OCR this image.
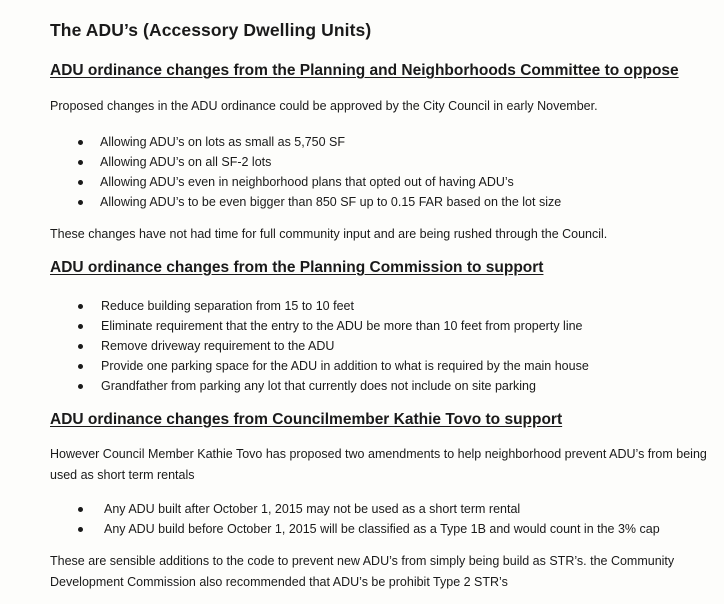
The ADU’s (Accessory Dwelling Units)
ADU ordinance changes from the Planning and Neighborhoods Committee to oppose
Proposed changes in the ADU ordinance could be approved by the City Council in early November.
Allowing ADU’s on lots as small as 5,750 SF
Allowing ADU’s on all SF-2 lots
Allowing ADU’s even in neighborhood plans that opted out of having ADU’s
Allowing ADU’s to be even bigger than 850 SF up to 0.15 FAR based on the lot size
These changes have not had time for full community input and are being rushed through the Council.
ADU ordinance changes from the Planning Commission to support
Reduce building separation from 15 to 10 feet
Eliminate requirement that the entry to the ADU be more than 10 feet from property line
Remove driveway requirement to the ADU
Provide one parking space for the ADU in addition to what is required by the main house
Grandfather from parking any lot that currently does not include on site parking
ADU ordinance changes from Councilmember Kathie Tovo to support
However Council Member Kathie Tovo has proposed two amendments to help neighborhood prevent ADU’s from being used as short term rentals
Any ADU built after October 1, 2015 may not be used as a short term rental
Any ADU build before October 1, 2015 will be classified as a Type 1B and would count in the 3% cap
These are sensible additions to the code to prevent new ADU’s from simply being build as STR’s. the Community Development Commission also recommended that ADU’s be prohibit Type 2 STR’s
